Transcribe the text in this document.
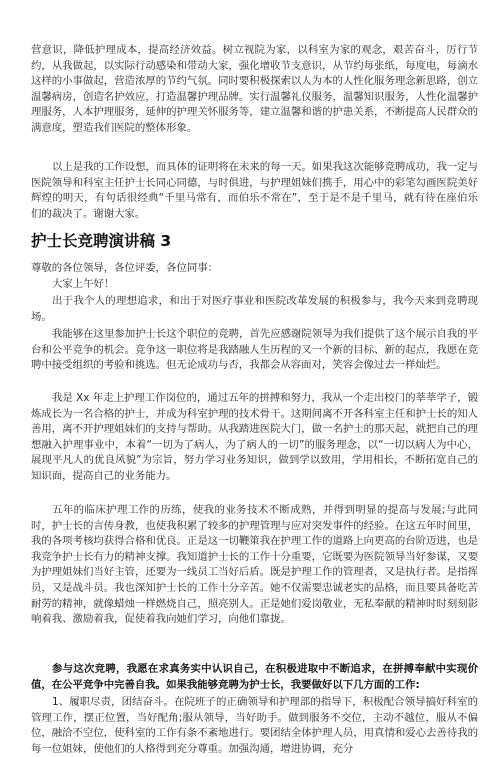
营意识，降低护理成本，提高经济效益。树立视院为家，以科室为家的观念，艰苦奋斗，厉行节约，从我做起，以实际行动感染和带动大家，强化增收节支意识，从节约每张纸，每度电，每滴水这样的小事做起，营造浓厚的节约气氛。同时要积极探索以人为本的人性化服务理念新思路，创立温馨病房，创造名护效应，打造温馨护理品牌。实行温馨礼仪服务，温馨知识服务，人性化温馨护理服务，人本护理服务，延伸的护理关怀服务等，建立温馨和谐的护患关系，不断提高人民群众的满意度，塑造我们医院的整体形象。

以上是我的工作设想，而具体的证明将在未来的每一天。如果我这次能够竞聘成功，我一定与医院领导和科室主任护士长同心同德，与时俱进，与护理姐妹们携手，用心中的彩笔勾画医院美好辉煌的明天，有句话很经典“千里马常有，而伯乐不常在”，至于是不是千里马，就有待在座伯乐们的裁决了。谢谢大家。

护士长竞聘演讲稿 3

尊敬的各位领导，各位评委，各位同事：

大家上午好！

出于我个人的理想追求，和出于对医疗事业和医院改革发展的积极参与，我今天来到竞聘现场。

我能够在这里参加护士长这个职位的竞聘，首先应感谢院领导为我们提供了这个展示自我的平台和公平竞争的机会。竞争这一职位将是我踏融人生历程的又一个新的目标、新的起点，我愿在竞聘中接受组织的考验和挑选。但无论成功与否，我都会从容面对，笑容会像过去一样灿烂。

我是 Xx 年走上护理工作岗位的，通过五年的拼搏和努力，我从一个走出校门的莘莘学子，锻炼成长为一名合格的护士，并成为科室护理的技术骨干。这期间离不开各科室主任和护士长的知人善用，离不开护理姐妹们的支持与帮助。从我踏进医院大门，做一名护士的那天起，就把自己的理想融入护理事业中，本着“一切为了病人，为了病人的一切”的服务理念，以“一切以病人为中心，展现平凡人的优良风貌”为宗旨，努力学习业务知识，做到学以致用，学用相长，不断拓宽自己的知识面，提高自己的业务能力。

五年的临床护理工作的历练，使我的业务技术不断成熟，并得到明显的提高与发展;与此同时，护士长的言传身教，也使我积累了较多的护理管理与应对突发事件的经验。在这五年时间里，我的各项考核均获得合格和优良。正是这一切鞭策我在护理工作的道路上向更高的台阶迈进，也是我竞争护士长有力的精神支撑。我知道护士长的工作十分重要，它既要为医院领导当好参谋，又要为护理姐妹们当好主管，还要为一线员工当好后盾。既是护理工作的管理者，又是执行者。是指挥员，又是战斗员。我也深知护士长的工作十分辛苦。她不仅需要忠诚老实的品格，而且要具备吃苦耐劳的精神，就像蜡烛一样燃烧自己，照亮别人。正是她们爱岗敬业，无私奉献的精神时时刻刻影响着我、激励着我，促使着我向她们学习，向他们靠拢。

参与这次竞聘，我愿在求真务实中认识自己，在积极进取中不断追求，在拼搏奉献中实现价值，在公平竞争中完善自我。如果我能够竞聘为护士长，我要做好以下几方面的工作:

1、履职尽责，团结奋斗。在院班子的正确领导和护理部的指导下，积极配合领导搞好科室的管理工作，摆正位置，当好配角;服从领导，当好助手。做到服务不交位，主动不越位，服从不偏位，融洽不空位，使科室的工作有条不紊地进行。要团结全体护理人员，用真情和爱心去善待我的每一位姐妹，使他们的人格得到充分尊重。加强沟通，增进协调，充分
